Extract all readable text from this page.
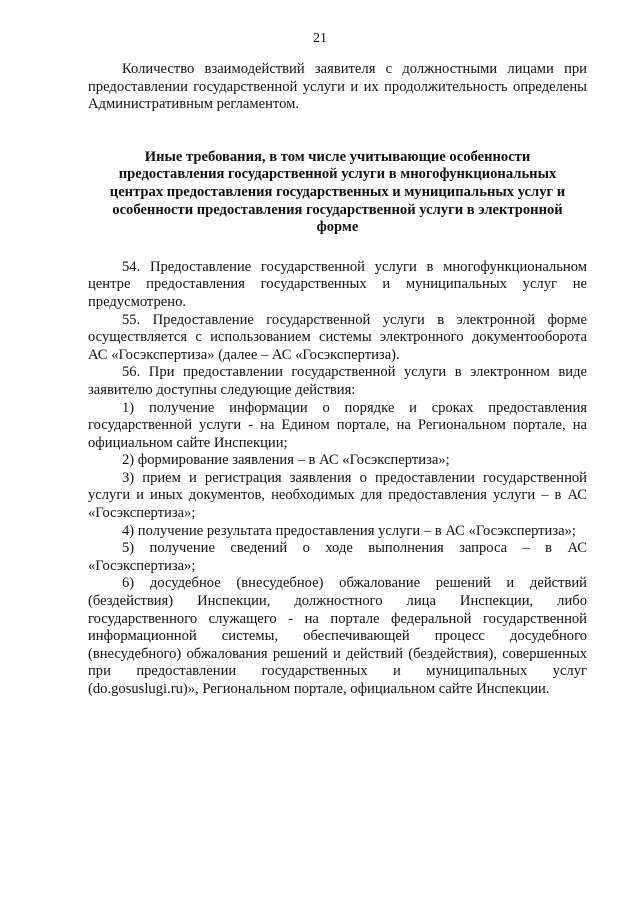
21

Количество взаимодействий заявителя с должностными лицами при предоставлении государственной услуги и их продолжительность определены Административным регламентом.

Иные требования, в том числе учитывающие особенности
предоставления государственной услуги в многофункциональных
центрах предоставления государственных и муниципальных услуг и
особенности предоставления государственной услуги в электронной
форме

54. Предоставление государственной услуги в многофункциональном центре предоставления государственных и муниципальных услуг не предусмотрено.

55. Предоставление государственной услуги в электронной форме осуществляется с использованием системы электронного документооборота АС «Госэкспертиза» (далее – АС «Госэкспертиза).

56. При предоставлении государственной услуги в электронном виде заявителю доступны следующие действия:

1) получение информации о порядке и сроках предоставления государственной услуги - на Едином портале, на Региональном портале, на официальном сайте Инспекции;

2) формирование заявления – в АС «Госэкспертиза»;

3) прием и регистрация заявления о предоставлении государственной услуги и иных документов, необходимых для предоставления услуги – в АС «Госэкспертиза»;

4) получение результата предоставления услуги – в АС «Госэкспертиза»;

5) получение сведений о ходе выполнения запроса – в АС «Госэкспертиза»;

6) досудебное (внесудебное) обжалование решений и действий (бездействия) Инспекции, должностного лица Инспекции, либо государственного служащего - на портале федеральной государственной информационной системы, обеспечивающей процесс досудебного (внесудебного) обжалования решений и действий (бездействия), совершенных при предоставлении государственных и муниципальных услуг (do.gosuslugi.ru)», Региональном портале, официальном сайте Инспекции.
